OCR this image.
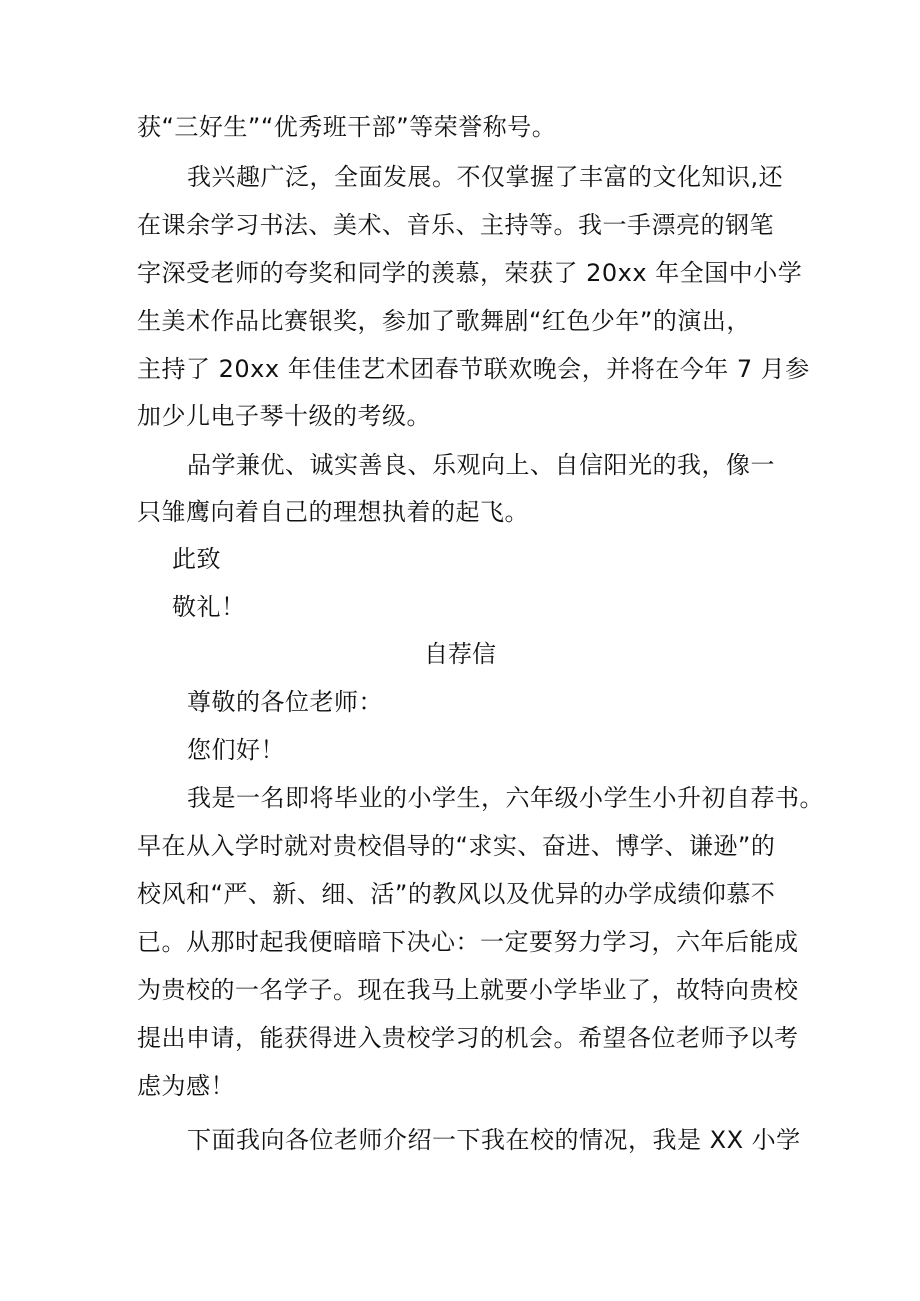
获“三好生”“优秀班干部”等荣誉称号。
我兴趣广泛，全面发展。不仅掌握了丰富的文化知识,还
在课余学习书法、美术、音乐、主持等。我一手漂亮的钢笔
字深受老师的夸奖和同学的羡慕，荣获了 20xx 年全国中小学
生美术作品比赛银奖，参加了歌舞剧“红色少年”的演出，
主持了 20xx 年佳佳艺术团春节联欢晚会，并将在今年 7 月参
加少儿电子琴十级的考级。
品学兼优、诚实善良、乐观向上、自信阳光的我，像一
只雏鹰向着自己的理想执着的起飞。
此致
敬礼！
自荐信
尊敬的各位老师：
您们好！
我是一名即将毕业的小学生，六年级小学生小升初自荐书。
早在从入学时就对贵校倡导的“求实、奋进、博学、谦逊”的
校风和“严、新、细、活”的教风以及优异的办学成绩仰慕不
已。从那时起我便暗暗下决心：一定要努力学习，六年后能成
为贵校的一名学子。现在我马上就要小学毕业了，故特向贵校
提出申请，能获得进入贵校学习的机会。希望各位老师予以考
虑为感！
下面我向各位老师介绍一下我在校的情况，我是 XX 小学
